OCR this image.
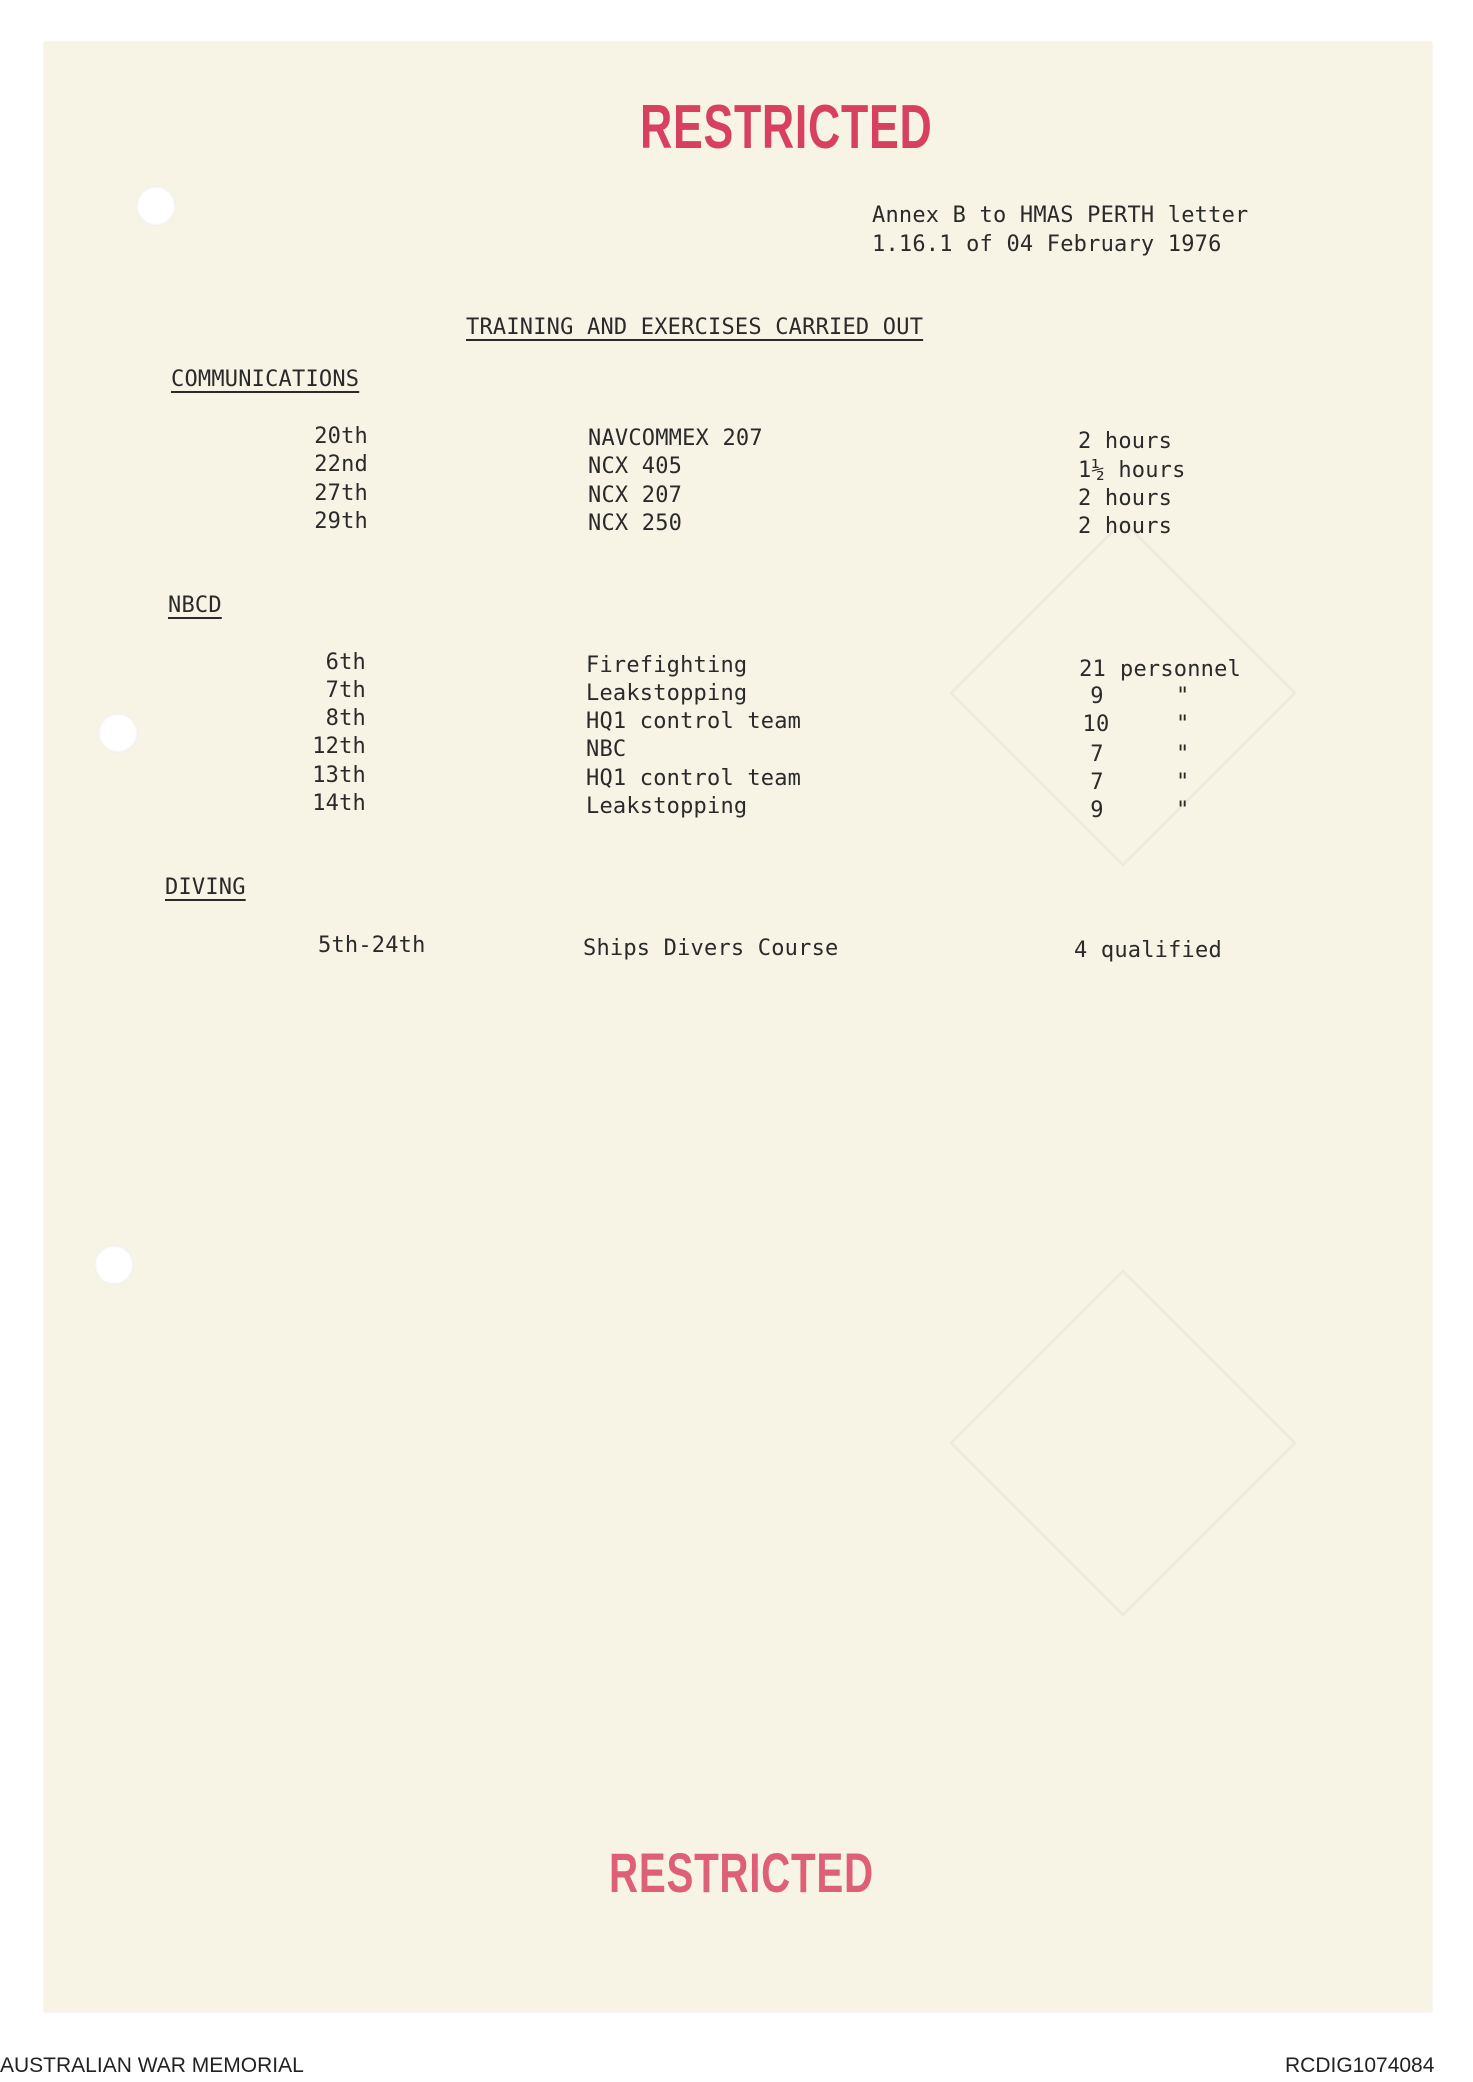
RESTRICTED
RESTRICTED
Annex B to HMAS PERTH letter
1.16.1 of 04 February 1976
TRAINING AND EXERCISES CARRIED OUT
COMMUNICATIONS
20th	NAVCOMMEX 207	2 hours
22nd	NCX 405	1½ hours
27th	NCX 207	2 hours
29th	NCX 250	2 hours
NBCD
6th	Firefighting	21 personnel
7th	Leakstopping	9	"
8th	HQ1 control team	10	"
12th	NBC	7	"
13th	HQ1 control team	7	"
14th	Leakstopping	9	"
DIVING
5th-24th	Ships Divers Course	4 qualified
AUSTRALIAN WAR MEMORIAL	RCDIG1074084
